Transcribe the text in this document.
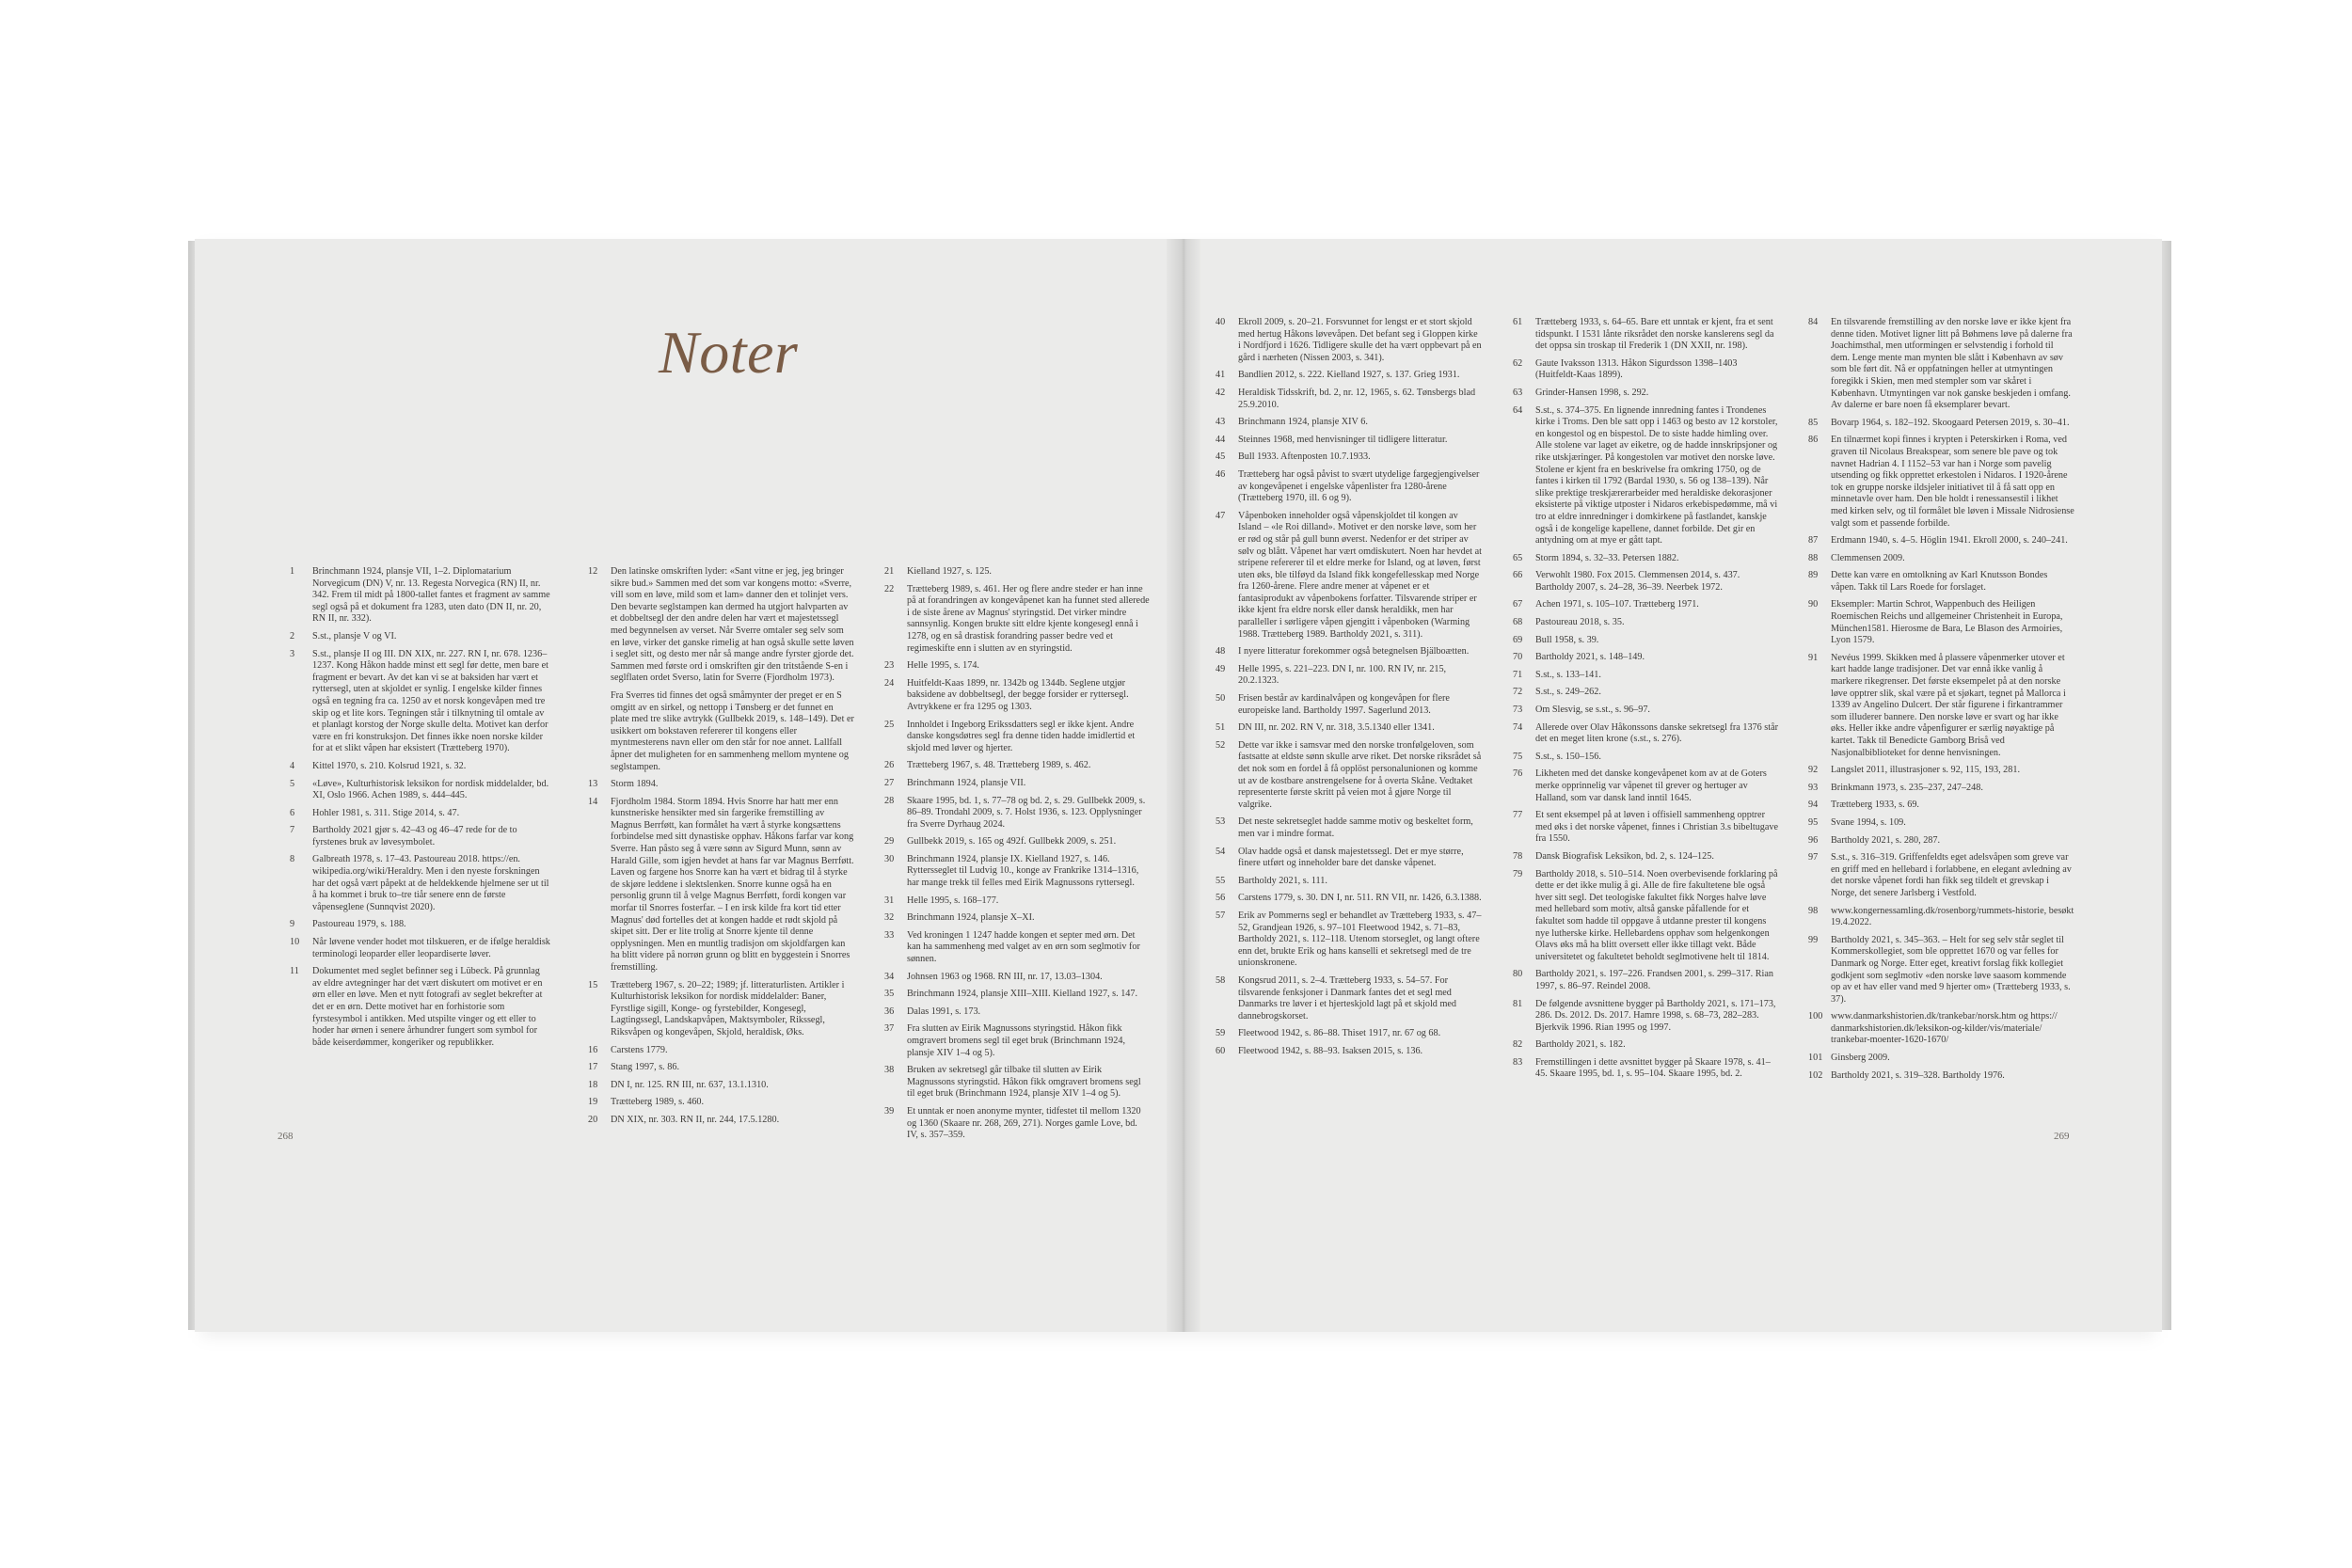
Noter
1	Brinchmann 1924, plansje VII, 1–2. Diplomatarium Norvegicum (DN) V, nr. 13. Regesta Norvegica (RN) II, nr. 342. Frem til midt på 1800-tallet fantes et fragment av samme segl også på et dokument fra 1283, uten dato (DN II, nr. 20, RN II, nr. 332).
2	S.st., plansje V og VI.
3	S.st., plansje II og III. DN XIX, nr. 227. RN I, nr. 678. 1236–1237. Kong Håkon hadde minst ett segl før dette, men bare et fragment er bevart. Av det kan vi se at baksiden har vært et ryttersegl, uten at skjoldet er synlig. I engelske kilder finnes også en tegning fra ca. 1250 av et norsk kongevåpen med tre skip og et lite kors. Tegningen står i tilknytning til omtale av et planlagt korstog der Norge skulle delta. Motivet kan derfor være en fri konstruksjon. Det finnes ikke noen norske kilder for at et slikt våpen har eksistert (Trætteberg 1970).
4	Kittel 1970, s. 210. Kolsrud 1921, s. 32.
5	«Løve», Kulturhistorisk leksikon for nordisk middelalder, bd. XI, Oslo 1966. Achen 1989, s. 444–445.
6	Hohler 1981, s. 311. Stige 2014, s. 47.
7	Bartholdy 2021 gjør s. 42–43 og 46–47 rede for de to fyrstenes bruk av løvesymbolet.
8	Galbreath 1978, s. 17–43. Pastoureau 2018. https://en. wikipedia.org/wiki/Heraldry. Men i den nyeste forskningen har det også vært påpekt at de heldekkende hjelmene ser ut til å ha kommet i bruk to–tre tiår senere enn de første våpenseglene (Sunnqvist 2020).
9	Pastoureau 1979, s. 188.
10	Når løvene vender hodet mot tilskueren, er de ifølge heraldisk terminologi leoparder eller leopardiserte løver.
11	Dokumentet med seglet befinner seg i Lübeck. På grunnlag av eldre avtegninger har det vært diskutert om motivet er en ørn eller en løve. Men et nytt fotografi av seglet bekrefter at det er en ørn. Dette motivet har en forhistorie som fyrstesymbol i antikken. Med utspilte vinger og ett eller to hoder har ørnen i senere århundrer fungert som symbol for både keiserdømmer, kongeriker og republikker.
12	Den latinske omskriften lyder: «Sant vitne er jeg, jeg bringer sikre bud.» Sammen med det som var kongens motto: «Sverre, vill som en løve, mild som et lam» danner den et tolinjet vers. Den bevarte seglstampen kan dermed ha utgjort halvparten av et dobbeltsegl der den andre delen har vært et majestetssegl med begynnelsen av verset. Når Sverre omtaler seg selv som en løve, virker det ganske rimelig at han også skulle sette løven i seglet sitt, og desto mer når så mange andre fyrster gjorde det. Sammen med første ord i omskriften gir den tritstående S-en i seglflaten ordet Sverso, latin for Sverre (Fjordholm 1973).
Fra Sverres tid finnes det også småmynter der preget er en S omgitt av en sirkel, og nettopp i Tønsberg er det funnet en plate med tre slike avtrykk (Gullbekk 2019, s. 148–149). Det er usikkert om bokstaven refererer til kongens eller myntmesterens navn eller om den står for noe annet. Lallfall åpner det muligheten for en sammenheng mellom myntene og seglstampen.
13	Storm 1894.
14	Fjordholm 1984. Storm 1894. Hvis Snorre har hatt mer enn kunstneriske hensikter med sin fargerike fremstilling av Magnus Berrføtt, kan formålet ha vært å styrke kongsættens forbindelse med sitt dynastiske opphav. Håkons farfar var kong Sverre. Han påsto seg å være sønn av Sigurd Munn, sønn av Harald Gille, som igjen hevdet at hans far var Magnus Berrføtt. Laven og fargene hos Snorre kan ha vært et bidrag til å styrke de skjøre leddene i slektslenken. Snorre kunne også ha en personlig grunn til å velge Magnus Berrføtt, fordi kongen var morfar til Snorres fosterfar. – I en irsk kilde fra kort tid etter Magnus' død fortelles det at kongen hadde et rødt skjold på skipet sitt. Der er lite trolig at Snorre kjente til denne opplysningen. Men en muntlig tradisjon om skjoldfargen kan ha blitt videre på norrøn grunn og blitt en byggestein i Snorres fremstilling.
15	Trætteberg 1967, s. 20–22; 1989; jf. litteraturlisten. Artikler i Kulturhistorisk leksikon for nordisk middelalder: Baner, Fyrstlige sigill, Konge- og fyrstebilder, Kongesegl, Lagtingssegl, Landskapvåpen, Maktsymboler, Rikssegl, Riksvåpen og kongevåpen, Skjold, heraldisk, Øks.
16	Carstens 1779.
17	Stang 1997, s. 86.
18	DN I, nr. 125. RN III, nr. 637, 13.1.1310.
19	Trætteberg 1989, s. 460.
20	DN XIX, nr. 303. RN II, nr. 244, 17.5.1280.
21	Kielland 1927, s. 125.
22	Trætteberg 1989, s. 461. Her og flere andre steder er han inne på at forandringen av kongevåpenet kan ha funnet sted allerede i de siste årene av Magnus' styringstid. Det virker mindre sannsynlig. Kongen brukte sitt eldre kjente kongesegl ennå i 1278, og en så drastisk forandring passer bedre ved et regimeskifte enn i slutten av en styringstid.
23	Helle 1995, s. 174.
24	Huitfeldt-Kaas 1899, nr. 1342b og 1344b. Seglene utgjør baksidene av dobbeltsegl, der begge forsider er ryttersegl. Avtrykkene er fra 1295 og 1303.
25	Innholdet i Ingeborg Erikssdatters segl er ikke kjent. Andre danske kongsdøtres segl fra denne tiden hadde imidlertid et skjold med løver og hjerter.
26	Trætteberg 1967, s. 48. Trætteberg 1989, s. 462.
27	Brinchmann 1924, plansje VII.
28	Skaare 1995, bd. 1, s. 77–78 og bd. 2, s. 29. Gullbekk 2009, s. 86–89. Trondahl 2009, s. 7. Holst 1936, s. 123. Opplysninger fra Sverre Dyrhaug 2024.
29	Gullbekk 2019, s. 165 og 492f. Gullbekk 2009, s. 251.
30	Brinchmann 1924, plansje IX. Kielland 1927, s. 146. Ryttersseglet til Ludvig 10., konge av Frankrike 1314–1316, har mange trekk til felles med Eirik Magnussons ryttersegl.
31	Helle 1995, s. 168–177.
32	Brinchmann 1924, plansje X–XI.
33	Ved kroningen 1 1247 hadde kongen et septer med ørn. Det kan ha sammenheng med valget av en ørn som seglmotiv for sønnen.
34	Johnsen 1963 og 1968. RN III, nr. 17, 13.03–1304.
35	Brinchmann 1924, plansje XIII–XIII. Kielland 1927, s. 147.
36	Dalas 1991, s. 173.
37	Fra slutten av Eirik Magnussons styringstid. Håkon fikk omgravert bromens segl til eget bruk (Brinchmann 1924, plansje XIV 1–4 og 5).
38	Bruken av sekretsegl går tilbake til slutten av Eirik Magnussons styringstid. Håkon fikk omgravert bromens segl til eget bruk (Brinchmann 1924, plansje XIV 1–4 og 5).
39	Et unntak er noen anonyme mynter, tidfestet til mellom 1320 og 1360 (Skaare nr. 268, 269, 271). Norges gamle Love, bd. IV, s. 357–359.
40	Ekroll 2009, s. 20–21. Forsvunnet for lengst er et stort skjold med hertug Håkons løvevåpen. Det befant seg i Gloppen kirke i Nordfjord i 1626. Tidligere skulle det ha vært oppbevart på en gård i nærheten (Nissen 2003, s. 341).
41	Bandlien 2012, s. 222. Kielland 1927, s. 137. Grieg 1931.
42	Heraldisk Tidsskrift, bd. 2, nr. 12, 1965, s. 62. Tønsbergs blad 25.9.2010.
43	Brinchmann 1924, plansje XIV 6.
44	Steinnes 1968, med henvisninger til tidligere litteratur.
45	Bull 1933. Aftenposten 10.7.1933.
46	Trætteberg har også påvist to svært utydelige fargegjengivelser av kongevåpenet i engelske våpenlister fra 1280-årene (Trætteberg 1970, ill. 6 og 9).
47	Våpenboken inneholder også våpenskjoldet til kongen av Island – «le Roi dilland». Motivet er den norske løve, som her er rød og står på gull bunn øverst. Nedenfor er det striper av sølv og blått. Våpenet har vært omdiskutert. Noen har hevdet at stripene refererer til et eldre merke for Island, og at løven, først uten øks, ble tilføyd da Island fikk kongefellesskap med Norge fra 1260-årene. Flere andre mener at våpenet er et fantasiprodukt av våpenbokens forfatter. Tilsvarende striper er ikke kjent fra eldre norsk eller dansk heraldikk, men har paralleller i sørligere våpen gjengitt i våpenboken (Warming 1988. Trætteberg 1989. Bartholdy 2021, s. 311).
48	I nyere litteratur forekommer også betegnelsen Bjälboætten.
49	Helle 1995, s. 221–223. DN I, nr. 100. RN IV, nr. 215, 20.2.1323.
50	Frisen består av kardinalvåpen og kongevåpen for flere europeiske land. Bartholdy 1997. Sagerlund 2013.
51	DN III, nr. 202. RN V, nr. 318, 3.5.1340 eller 1341.
52	Dette var ikke i samsvar med den norske tronfølgeloven, som fastsatte at eldste sønn skulle arve riket. Det norske riksrådet så det nok som en fordel å få opplöst personalunionen og komme ut av de kostbare anstrengelsene for å overta Skåne. Vedtaket representerte første skritt på veien mot å gjøre Norge til valgrike.
53	Det neste sekretseglet hadde samme motiv og beskeltet form, men var i mindre format.
54	Olav hadde også et dansk majestetssegl. Det er mye større, finere utført og inneholder bare det danske våpenet.
55	Bartholdy 2021, s. 111.
56	Carstens 1779, s. 30. DN I, nr. 511. RN VII, nr. 1426, 6.3.1388.
57	Erik av Pommerns segl er behandlet av Trætteberg 1933, s. 47–52, Grandjean 1926, s. 97–101 Fleetwood 1942, s. 71–83, Bartholdy 2021, s. 112–118. Utenom storseglet, og langt oftere enn det, brukte Erik og hans kanselli et sekretsegl med de tre unionskronene.
58	Kongsrud 2011, s. 2–4. Trætteberg 1933, s. 54–57. For tilsvarende fenksjoner i Danmark fantes det et segl med Danmarks tre løver i et hjerteskjold lagt på et skjold med dannebrogskorset.
59	Fleetwood 1942, s. 86–88. Thiset 1917, nr. 67 og 68.
60	Fleetwood 1942, s. 88–93. Isaksen 2015, s. 136.
61	Trætteberg 1933, s. 64–65. Bare ett unntak er kjent, fra et sent tidspunkt. I 1531 lånte riksrådet den norske kanslerens segl da det oppsa sin troskap til Frederik 1 (DN XXII, nr. 198).
62	Gaute Ivaksson 1313. Håkon Sigurdsson 1398–1403 (Huitfeldt-Kaas 1899).
63	Grinder-Hansen 1998, s. 292.
64	S.st., s. 374–375. En lignende innredning fantes i Trondenes kirke i Troms. Den ble satt opp i 1463 og besto av 12 korstoler, en kongestol og en bispestol. De to siste hadde himling over. Alle stolene var laget av eiketre, og de hadde innskripsjoner og rike utskjæringer. På kongestolen var motivet den norske løve. Stolene er kjent fra en beskrivelse fra omkring 1750, og de fantes i kirken til 1792 (Bardal 1930, s. 56 og 138–139). Når slike prektige treskjærerarbeider med heraldiske dekorasjoner eksisterte på viktige utposter i Nidaros erkebispedømme, må vi tro at eldre innredninger i domkirkene på fastlandet, kanskje også i de kongelige kapellene, dannet forbilde. Det gir en antydning om at mye er gått tapt.
65	Storm 1894, s. 32–33. Petersen 1882.
66	Verwohlt 1980. Fox 2015. Clemmensen 2014, s. 437. Bartholdy 2007, s. 24–28, 36–39. Neerbek 1972.
67	Achen 1971, s. 105–107. Trætteberg 1971.
68	Pastoureau 2018, s. 35.
69	Bull 1958, s. 39.
70	Bartholdy 2021, s. 148–149.
71	S.st., s. 133–141.
72	S.st., s. 249–262.
73	Om Slesvig, se s.st., s. 96–97.
74	Allerede over Olav Håkonssons danske sekretsegl fra 1376 står det en meget liten krone (s.st., s. 276).
75	S.st., s. 150–156.
76	Likheten med det danske kongevåpenet kom av at de Goters merke opprinnelig var våpenet til grever og hertuger av Halland, som var dansk land inntil 1645.
77	Et sent eksempel på at løven i offisiell sammenheng opptrer med øks i det norske våpenet, finnes i Christian 3.s bibeltugave fra 1550.
78	Dansk Biografisk Leksikon, bd. 2, s. 124–125.
79	Bartholdy 2018, s. 510–514. Noen overbevisende forklaring på dette er det ikke mulig å gi. Alle de fire fakultetene ble også hver sitt segl. Det teologiske fakultet fikk Norges halve løve med hellebard som motiv, altså ganske påfallende for et fakultet som hadde til oppgave å utdanne prester til kongens nye lutherske kirke. Hellebardens opphav som helgenkongen Olavs øks må ha blitt oversett eller ikke tillagt vekt. Både universitetet og fakultetet beholdt seglmotivene helt til 1814.
80	Bartholdy 2021, s. 197–226. Frandsen 2001, s. 299–317. Rian 1997, s. 86–97. Reindel 2008.
81	De følgende avsnittene bygger på Bartholdy 2021, s. 171–173, 286. Ds. 2012. Ds. 2017. Hamre 1998, s. 68–73, 282–283. Bjerkvik 1996. Rian 1995 og 1997.
82	Bartholdy 2021, s. 182.
83	Fremstillingen i dette avsnittet bygger på Skaare 1978, s. 41–45. Skaare 1995, bd. 1, s. 95–104. Skaare 1995, bd. 2.
84	En tilsvarende fremstilling av den norske løve er ikke kjent fra denne tiden. Motivet ligner litt på Bøhmens løve på dalerne fra Joachimsthal, men utformingen er selvstendig i forhold til dem. Lenge mente man mynten ble slått i København av søv som ble ført dit. Nå er oppfatningen heller at utmyntingen foregikk i Skien, men med stempler som var skåret i København. Utmyntingen var nok ganske beskjeden i omfang. Av dalerne er bare noen få eksemplarer bevart.
85	Bovarp 1964, s. 182–192. Skoogaard Petersen 2019, s. 30–41.
86	En tilnærmet kopi finnes i krypten i Peterskirken i Roma, ved graven til Nicolaus Breakspear, som senere ble pave og tok navnet Hadrian 4. I 1152–53 var han i Norge som pavelig utsending og fikk opprettet erkestolen i Nidaros. I 1920-årene tok en gruppe norske ildsjeler initiativet til å få satt opp en minnetavle over ham. Den ble holdt i renessansestil i likhet med kirken selv, og til formålet ble løven i Missale Nidrosiense valgt som et passende forbilde.
87	Erdmann 1940, s. 4–5. Höglin 1941. Ekroll 2000, s. 240–241.
88	Clemmensen 2009.
89	Dette kan være en omtolkning av Karl Knutsson Bondes våpen. Takk til Lars Roede for forslaget.
90	Eksempler: Martin Schrot, Wappenbuch des Heiligen Roemischen Reichs und allgemeiner Christenheit in Europa, München1581. Hierosme de Bara, Le Blason des Armoiries, Lyon 1579.
91	Nevéus 1999. Skikken med å plassere våpenmerker utover et kart hadde lange tradisjoner. Det var ennå ikke vanlig å markere rikegrenser. Det første eksempelet på at den norske løve opptrer slik, skal være på et sjøkart, tegnet på Mallorca i 1339 av Angelino Dulcert. Der står figurene i firkantrammer som illuderer bannere. Den norske løve er svart og har ikke øks. Heller ikke andre våpenfigurer er særlig nøyaktige på kartet. Takk til Benedicte Gamborg Briså ved Nasjonalbiblioteket for denne henvisningen.
92	Langslet 2011, illustrasjoner s. 92, 115, 193, 281.
93	Brinkmann 1973, s. 235–237, 247–248.
94	Trætteberg 1933, s. 69.
95	Svane 1994, s. 109.
96	Bartholdy 2021, s. 280, 287.
97	S.st., s. 316–319. Griffenfeldts eget adelsvåpen som greve var en griff med en hellebard i forlabbene, en elegant avledning av det norske våpenet fordi han fikk seg tildelt et grevskap i Norge, det senere Jarlsberg i Vestfold.
98	www.kongernessamling.dk/rosenborg/rummets-historie, besøkt 19.4.2022.
99	Bartholdy 2021, s. 345–363. – Helt for seg selv står seglet til Kommerskollegiet, som ble opprettet 1670 og var felles for Danmark og Norge. Etter eget, kreativt forslag fikk kollegiet godkjent som seglmotiv «den norske løve saasom kommende op av et hav eller vand med 9 hjerter om» (Trætteberg 1933, s. 37).
100 www.danmarkshistorien.dk/trankebar/norsk.htm og https:// danmarkshistorien.dk/leksikon-og-kilder/vis/materiale/ trankebar-moenter-1620-1670/
101 Ginsberg 2009.
102 Bartholdy 2021, s. 319–328. Bartholdy 1976.
268	269
